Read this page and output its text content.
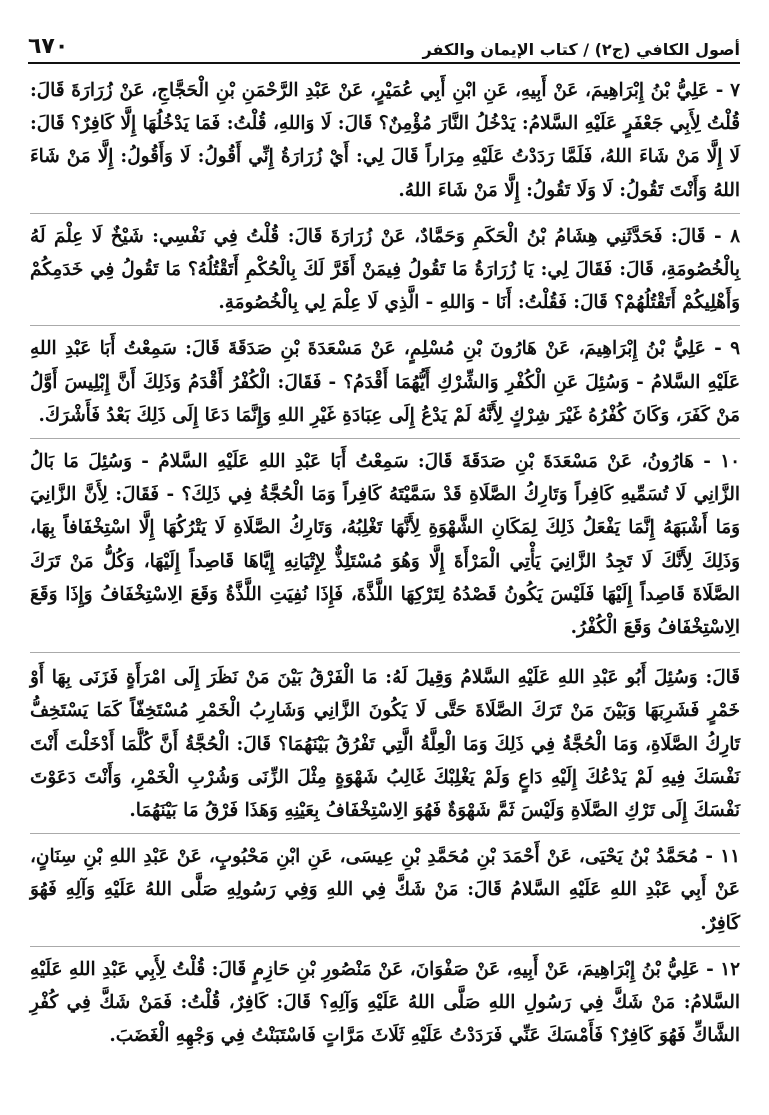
٦٧٠	أصول الكافي (ج٢) / كتاب الإيمان والكفر

٧ - عَلِيُّ بْنُ إِبْرَاهِيمَ، عَنْ أَبِيهِ، عَنِ ابْنِ أَبِي عُمَيْرٍ، عَنْ عَبْدِ الرَّحْمَنِ بْنِ الْحَجَّاجِ، عَنْ زُرَارَةَ قَالَ: قُلْتُ لِأَبِي جَعْفَرٍ عَلَيْهِ السَّلامُ: يَدْخُلُ النَّارَ مُؤْمِنٌ؟ قَالَ: لَا وَاللهِ، قُلْتُ: فَمَا يَدْخُلُهَا إِلَّا كَافِرٌ؟ قَالَ: لَا إِلَّا مَنْ شَاءَ اللهُ، فَلَمَّا رَدَدْتُ عَلَيْهِ مِرَاراً قَالَ لِي: أَيْ زُرَارَةُ إِنِّي أَقُولُ: لَا وَأَقُولُ: إِلَّا مَنْ شَاءَ اللهُ وَأَنْتَ تَقُولُ: لَا وَلَا تَقُولُ: إِلَّا مَنْ شَاءَ اللهُ.

٨ - قَالَ: فَحَدَّثَنِي هِشَامُ بْنُ الْحَكَمِ وَحَمَّادٌ، عَنْ زُرَارَةَ قَالَ: قُلْتُ فِي نَفْسِي: شَيْخٌ لَا عِلْمَ لَهُ بِالْخُصُومَةِ، قَالَ: فَقَالَ لِي: يَا زُرَارَةُ مَا تَقُولُ فِيمَنْ أَقَرَّ لَكَ بِالْحُكْمِ أَتَقْتُلُهُ؟ مَا تَقُولُ فِي خَدَمِكُمْ وَأَهْلِيكُمْ أَتَقْتُلُهُمْ؟ قَالَ: فَقُلْتُ: أَنَا - وَاللهِ - الَّذِي لَا عِلْمَ لِي بِالْخُصُومَةِ.

٩ - عَلِيُّ بْنُ إِبْرَاهِيمَ، عَنْ هَارُونَ بْنِ مُسْلِمٍ، عَنْ مَسْعَدَةَ بْنِ صَدَقَةَ قَالَ: سَمِعْتُ أَبَا عَبْدِ اللهِ عَلَيْهِ السَّلامُ - وَسُئِلَ عَنِ الْكُفْرِ وَالشِّرْكِ أَيُّهُمَا أَقْدَمُ؟ - فَقَالَ: الْكُفْرُ أَقْدَمُ وَذَلِكَ أَنَّ إِبْلِيسَ أَوَّلُ مَنْ كَفَرَ، وَكَانَ كُفْرُهُ غَيْرَ شِرْكٍ لِأَنَّهُ لَمْ يَدْعُ إِلَى عِبَادَةِ غَيْرِ اللهِ وَإِنَّمَا دَعَا إِلَى ذَلِكَ بَعْدُ فَأَشْرَكَ.

١٠ - هَارُونُ، عَنْ مَسْعَدَةَ بْنِ صَدَقَةَ قَالَ: سَمِعْتُ أَبَا عَبْدِ اللهِ عَلَيْهِ السَّلامُ - وَسُئِلَ مَا بَالُ الزَّانِي لَا تُسَمِّيهِ كَافِراً وَتَارِكُ الصَّلَاةِ قَدْ سَمَّيْتَهُ كَافِراً وَمَا الْحُجَّةُ فِي ذَلِكَ؟ - فَقَالَ: لِأَنَّ الزَّانِيَ وَمَا أَشْبَهَهُ إِنَّمَا يَفْعَلُ ذَلِكَ لِمَكَانِ الشَّهْوَةِ لِأَنَّهَا تَغْلِبُهُ، وَتَارِكُ الصَّلَاةِ لَا يَتْرُكُهَا إِلَّا اسْتِخْفَافاً بِهَا، وَذَلِكَ لِأَنَّكَ لَا تَجِدُ الزَّانِيَ يَأْتِي الْمَرْأَةَ إِلَّا وَهُوَ مُسْتَلِذٌّ لِإِتْيَانِهِ إِيَّاهَا قَاصِداً إِلَيْهَا، وَكُلُّ مَنْ تَرَكَ الصَّلَاةَ قَاصِداً إِلَيْهَا فَلَيْسَ يَكُونُ قَصْدُهُ لِتَرْكِهَا اللَّذَّةَ، فَإِذَا نُفِيَتِ اللَّذَّةُ وَقَعَ الِاسْتِخْفَافُ وَإِذَا وَقَعَ الِاسْتِخْفَافُ وَقَعَ الْكُفْرُ.

قَالَ: وَسُئِلَ أَبُو عَبْدِ اللهِ عَلَيْهِ السَّلامُ وَقِيلَ لَهُ: مَا الْفَرْقُ بَيْنَ مَنْ نَظَرَ إِلَى امْرَأَةٍ فَزَنَى بِهَا أَوْ خَمْرٍ فَشَرِبَهَا وَبَيْنَ مَنْ تَرَكَ الصَّلَاةَ حَتَّى لَا يَكُونَ الزَّانِي وَشَارِبُ الْخَمْرِ مُسْتَخِفّاً كَمَا يَسْتَخِفُّ تَارِكُ الصَّلَاةِ، وَمَا الْحُجَّةُ فِي ذَلِكَ وَمَا الْعِلَّةُ الَّتِي تَفْرُقُ بَيْنَهُمَا؟ قَالَ: الْحُجَّةُ أَنَّ كُلَّمَا أَدْخَلْتَ أَنْتَ نَفْسَكَ فِيهِ لَمْ يَدْعُكَ إِلَيْهِ دَاعٍ وَلَمْ يَغْلِبْكَ غَالِبُ شَهْوَةٍ مِثْلَ الزِّنَى وَشُرْبِ الْخَمْرِ، وَأَنْتَ دَعَوْتَ نَفْسَكَ إِلَى تَرْكِ الصَّلَاةِ وَلَيْسَ ثَمَّ شَهْوَةٌ فَهُوَ الِاسْتِخْفَافُ بِعَيْنِهِ وَهَذَا فَرْقُ مَا بَيْنَهُمَا.

١١ - مُحَمَّدُ بْنُ يَحْيَى، عَنْ أَحْمَدَ بْنِ مُحَمَّدِ بْنِ عِيسَى، عَنِ ابْنِ مَحْبُوبٍ، عَنْ عَبْدِ اللهِ بْنِ سِنَانٍ، عَنْ أَبِي عَبْدِ اللهِ عَلَيْهِ السَّلامُ قَالَ: مَنْ شَكَّ فِي اللهِ وَفِي رَسُولِهِ صَلَّى اللهُ عَلَيْهِ وَآلِهِ فَهُوَ كَافِرٌ.

١٢ - عَلِيُّ بْنُ إِبْرَاهِيمَ، عَنْ أَبِيهِ، عَنْ صَفْوَانَ، عَنْ مَنْصُورِ بْنِ حَازِمٍ قَالَ: قُلْتُ لِأَبِي عَبْدِ اللهِ عَلَيْهِ السَّلامُ: مَنْ شَكَّ فِي رَسُولِ اللهِ صَلَّى اللهُ عَلَيْهِ وَآلِهِ؟ قَالَ: كَافِرٌ، قُلْتُ: فَمَنْ شَكَّ فِي كُفْرِ الشَّاكِّ فَهُوَ كَافِرٌ؟ فَأَمْسَكَ عَنِّي فَرَدَدْتُ عَلَيْهِ ثَلَاثَ مَرَّاتٍ فَاسْتَبَنْتُ فِي وَجْهِهِ الْغَضَبَ.
